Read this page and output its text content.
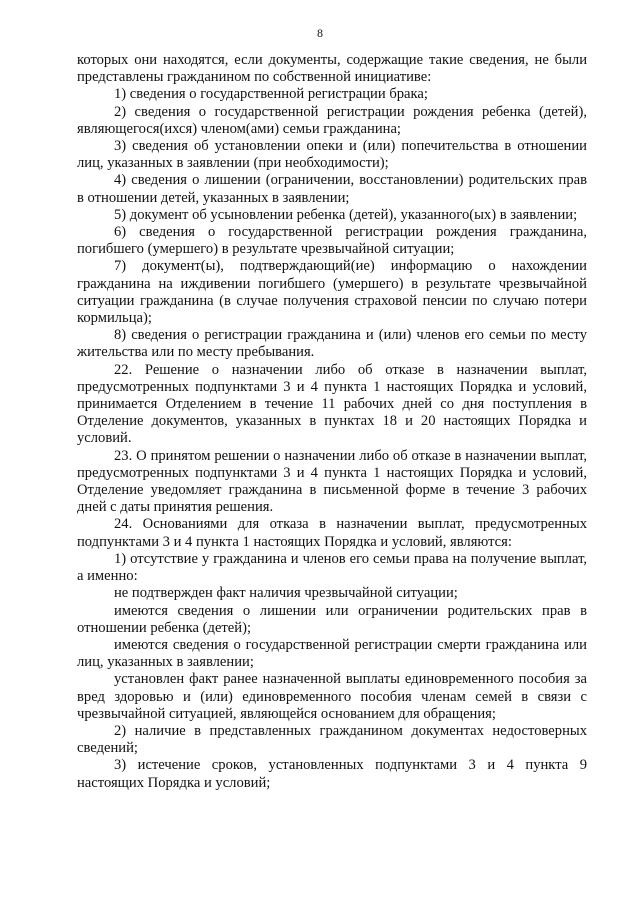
8

которых они находятся, если документы, содержащие такие сведения, не были представлены гражданином по собственной инициативе:

1) сведения о государственной регистрации брака;

2) сведения о государственной регистрации рождения ребенка (детей), являющегося(ихся) членом(ами) семьи гражданина;

3) сведения об установлении опеки и (или) попечительства в отношении лиц, указанных в заявлении (при необходимости);

4) сведения о лишении (ограничении, восстановлении) родительских прав в отношении детей, указанных в заявлении;

5) документ об усыновлении ребенка (детей), указанного(ых) в заявлении;

6) сведения о государственной регистрации рождения гражданина, погибшего (умершего) в результате чрезвычайной ситуации;

7) документ(ы), подтверждающий(ие) информацию о нахождении гражданина на иждивении погибшего (умершего) в результате чрезвычайной ситуации гражданина (в случае получения страховой пенсии по случаю потери кормильца);

8) сведения о регистрации гражданина и (или) членов его семьи по месту жительства или по месту пребывания.

22. Решение о назначении либо об отказе в назначении выплат, предусмотренных подпунктами 3 и 4 пункта 1 настоящих Порядка и условий, принимается Отделением в течение 11 рабочих дней со дня поступления в Отделение документов, указанных в пунктах 18 и 20 настоящих Порядка и условий.

23. О принятом решении о назначении либо об отказе в назначении выплат, предусмотренных подпунктами 3 и 4 пункта 1 настоящих Порядка и условий, Отделение уведомляет гражданина в письменной форме в течение 3 рабочих дней с даты принятия решения.

24. Основаниями для отказа в назначении выплат, предусмотренных подпунктами 3 и 4 пункта 1 настоящих Порядка и условий, являются:

1) отсутствие у гражданина и членов его семьи права на получение выплат, а именно:

не подтвержден факт наличия чрезвычайной ситуации;

имеются сведения о лишении или ограничении родительских прав в отношении ребенка (детей);

имеются сведения о государственной регистрации смерти гражданина или лиц, указанных в заявлении;

установлен факт ранее назначенной выплаты единовременного пособия за вред здоровью и (или) единовременного пособия членам семей в связи с чрезвычайной ситуацией, являющейся основанием для обращения;

2) наличие в представленных гражданином документах недостоверных сведений;

3) истечение сроков, установленных подпунктами 3 и 4 пункта 9 настоящих Порядка и условий;
